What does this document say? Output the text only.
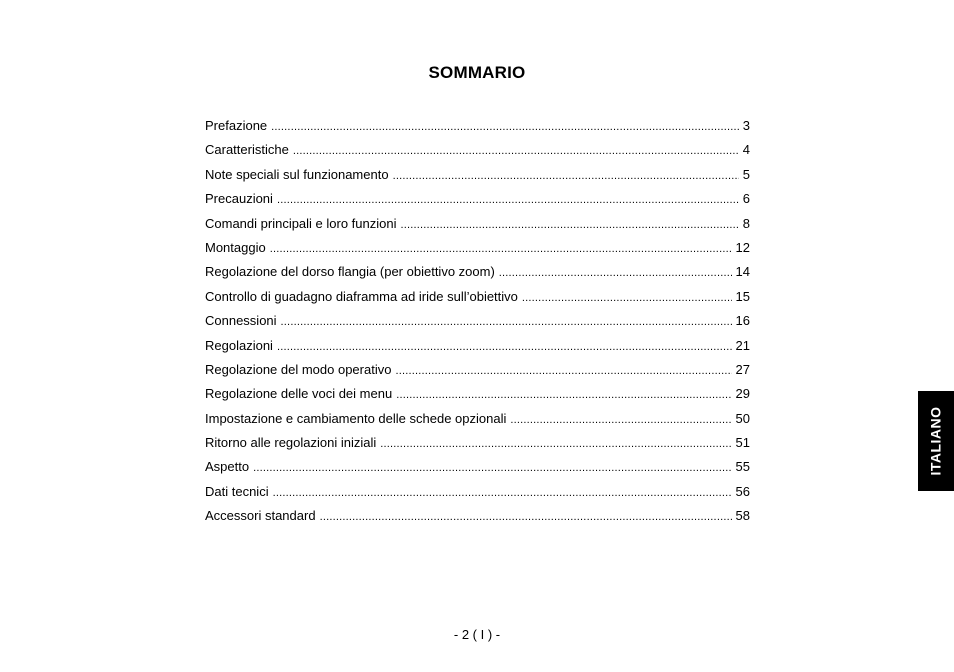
SOMMARIO
Prefazione .....	3
Caratteristiche .....	4
Note speciali sul funzionamento .....	5
Precauzioni .....	6
Comandi principali e loro funzioni .....	8
Montaggio .....	12
Regolazione del dorso flangia (per obiettivo zoom) .....	14
Controllo di guadagno diaframma ad iride sull’obiettivo .....	15
Connessioni .....	16
Regolazioni .....	21
Regolazione del modo operativo .....	27
Regolazione delle voci dei menu .....	29
Impostazione e cambiamento delle schede opzionali .....	50
Ritorno alle regolazioni iniziali .....	51
Aspetto .....	55
Dati tecnici .....	56
Accessori standard .....	58
ITALIANO
- 2 ( I ) -
